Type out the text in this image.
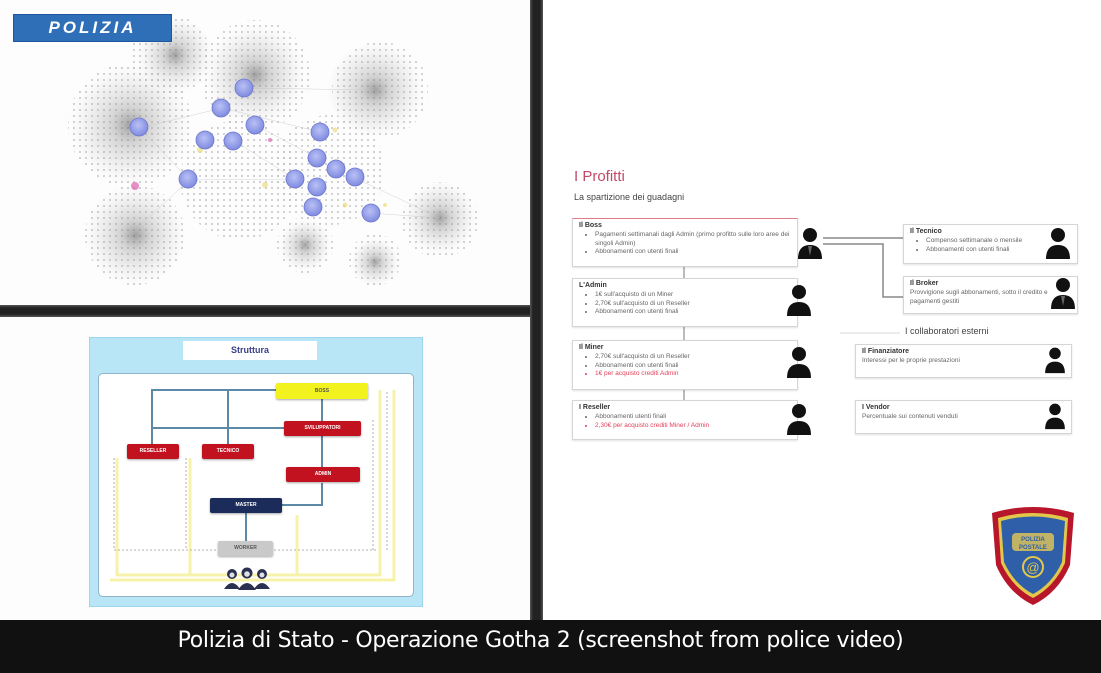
POLIZIA
Struttura
BOSS
SVILUPPATORI
ADMIN
RESELLER	TECNICO
MASTER
WORKER
I Profitti
La spartizione dei guadagni
Il Boss
• Pagamenti settimanali dagli Admin (primo profitto sulle loro aree dei singoli Admin)
• Abbonamenti con utenti finali
L'Admin
• 1€ sull'acquisto di un Miner
• 2,70€ sull'acquisto di un Reseller
• Abbonamenti con utenti finali
Il Miner
• 2,70€ sull'acquisto di un Reseller
• Abbonamenti con utenti finali
• 1€ per acquisto crediti Admin
I Reseller
• Abbonamenti utenti finali
• 2,30€ per acquisto crediti Miner / Admin
Il Tecnico
• Compenso settimanale o mensile
• Abbonamenti con utenti finali
Il Broker

Provvigione sugli abbonamenti, sotto il credito e pagamenti gestiti

I collaboratori esterni
Il Finanziatore

Interessi per le proprie prestazioni

I Vendor

Percentuale sui contenuti venduti

POLIZIA
POSTALE
@
Polizia di Stato - Operazione Gotha 2 (screenshot from police video)
